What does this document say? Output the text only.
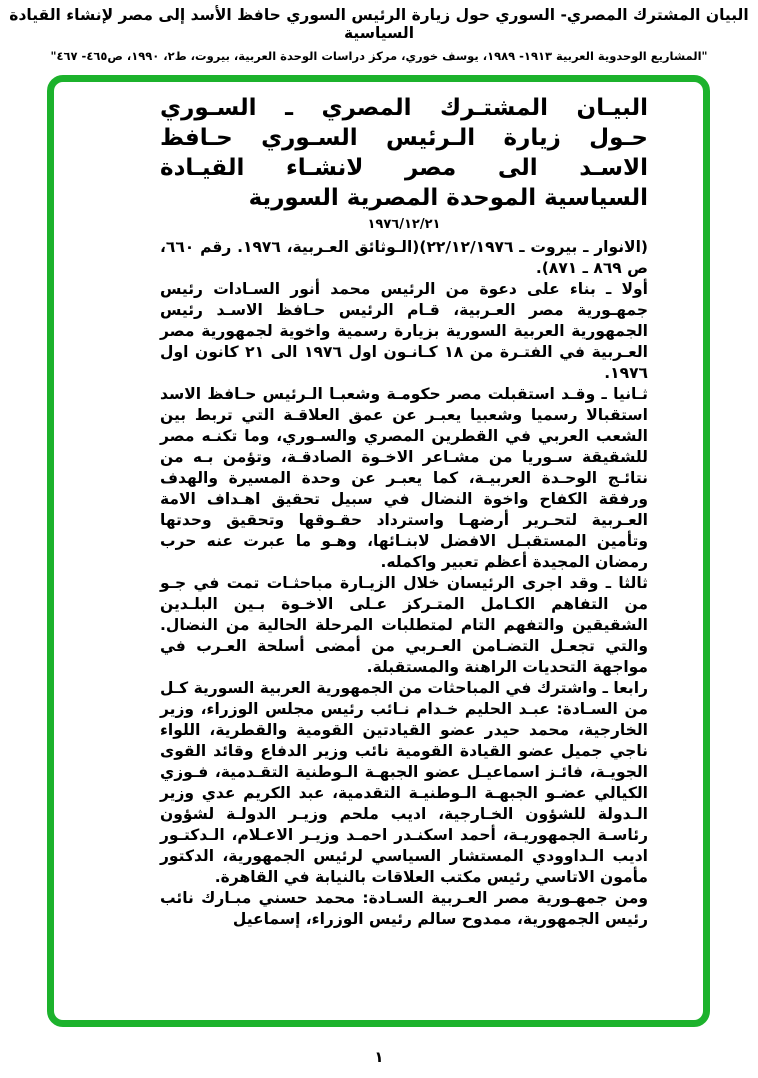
البيان المشترك المصري- السوري حول زيارة الرئيس السوري حافظ الأسد إلى مصر لإنشاء القيادة السياسية
"المشاريع الوحدوية العربية ١٩١٣- ١٩٨٩، يوسف خوري، مركز دراسات الوحدة العربية، بيروت، ط٢، ١٩٩٠، ص٤٦٥- ٤٦٧"
البيـان المشتـرك المصري ـ السـوري
حـول زيارة الـرئيس السـوري حـافظ
الاسـد الى مصر لانشـاء القيـادة
السياسية الموحدة المصرية السورية
١٩٧٦/١٢/٢١

(الانوار ـ بيروت ـ ٢٢/١٢/١٩٧٦)(الـوثائق العـربية، ١٩٧٦. رقم ٦٦٠، ص ٨٦٩ ـ ٨٧١).

أولا ـ بناء على دعوة من الرئيس محمد أنور السـادات رئيس جمهـورية مصر العـربية، قـام الرئيس حـافظ الاسـد رئيس الجمهورية العربية السورية بزيارة رسمية واخوية لجمهورية مصر العـربية في الفتـرة من ١٨ كـانـون اول ١٩٧٦ الى ٢١ كانون اول ١٩٧٦.

ثـانيا ـ وقـد استقبلت مصر حكومـة وشعبـا الـرئيس حـافظ الاسد استقبالا رسميا وشعبيا يعبـر عن عمق العلاقـة التي تربط بين الشعب العربي في القطرين المصري والسـوري، وما تكنـه مصر للشقيقة سـوريا من مشـاعر الاخـوة الصادقـة، وتؤمن بـه من نتائـج الوحـدة العربيـة، كما يعبـر عن وحدة المسيرة والهدف ورفقة الكفاح واخوة النضال في سبيل تحقيق اهـداف الامة العـربية لتحـرير أرضهـا واسترداد حقـوقها وتحقيق وحدتها وتأمين المستقبـل الافضل لابنـائها، وهـو ما عبرت عنه حرب رمضان المجيدة أعظم تعبير واكمله.

ثالثا ـ وقد اجرى الرئيسان خلال الزيـارة مباحثـات تمت في جـو من التفاهم الكـامل المتـركز عـلى الاخـوة بـين البلـدين الشقيقين والتفهم التام لمتطلبات المرحلة الحالية من النضال. والتي تجعـل التضـامن العـربي من أمضى أسلحة العـرب في مواجهة التحديات الراهنة والمستقبلة.

رابعا ـ واشترك في المباحثات من الجمهورية العربية السورية كـل من السـادة: عبـد الحليم خـدام نـائب رئيس مجلس الوزراء، وزير الخارجية، محمد حيدر عضو القيادتين القومية والقطرية، اللواء ناجي جميل عضو القيادة القومية نائب وزير الدفاع وقائد القوى الجويـة، فائـز اسماعيـل عضو الجبهـة الـوطنية التقـدمية، فـوزي الكيالي عضـو الجبهـة الـوطنيـة التقدمية، عبد الكريم عدي وزير الـدولة للشؤون الخـارجية، اديب ملحم وزيـر الدولـة لشؤون رئاسـة الجمهوريـة، أحمد اسكنـدر احمـد وزيـر الاعـلام، الـدكتـور اديب الـداوودي المستشار السياسي لرئيس الجمهورية، الدكتور مأمون الاتاسي رئيس مكتب العلاقات بالنيابة في القاهرة.

ومن جمهـورية مصر العـربية السـادة: محمد حسني مبـارك نائب رئيس الجمهورية، ممدوح سالم رئيس الوزراء، إسماعيل

١
